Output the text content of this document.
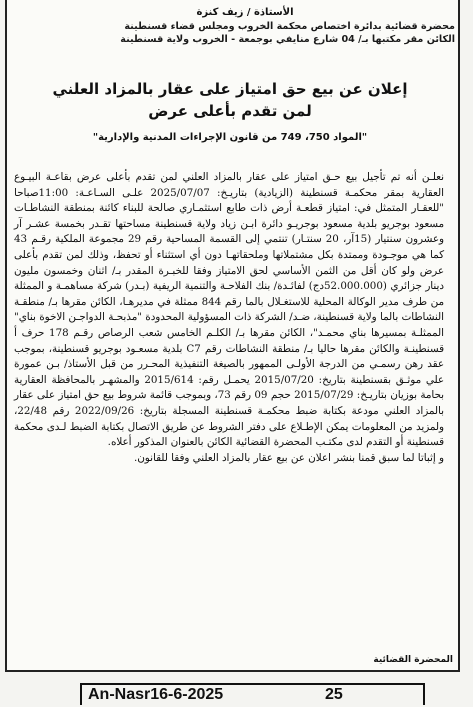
الأستاذة / زيف كنزة
محضرة قضائية بدائرة اختصاص محكمة الخروب ومجلس قضاء قسنطينة
الكائن مقر مكتبها بـ/ 04 شارع منايفي بوجمعة - الخروب ولاية قسنطينة
إعلان عن بيع حق امتياز على عقار بالمزاد العلني
لمن تقدم بأعلى عرض
"المواد 750، 749 من قانون الإجراءات المدنية والإدارية"

نعلـن أنه تم تأجيل بيع حـق امتياز على عقار بالمزاد العلني لمن تقدم بأعلى عرض بقاعـة البيـوع العقارية بمقر محكمـة قسنطينة (الزيادية) بتاريـخ: 2025/07/07 علـى السـاعـة: 11:00صباحا "للعقـار المتمثل في: امتياز قطعـة أرض ذات طابع استثمـاري صالحة للبناء كائنة بمنطقة النشاطـات مسعود بوجريو بلدية مسعود بوجريـو دائرة ابـن زياد ولاية قسنطينة مساحتها تقـدر بخمسة عشـر آر وعشرون سنتيار (15آر، 20 سنتـار) تنتمي إلى القسمة المساحية رقم 29 مجموعة الملكية رقـم 43 كما هي موجـودة وممتدة بكل مشتملاتها وملحقاتهـا دون أي استثناء أو تحفظ، وذلك لمن تقدم بأعلى عرض ولو كان أقل من الثمن الأساسي لحق الامتياز وفقا للخبـرة المقدر بـ/ اثنان وخمسون مليون دينار جزائري (52.000.000دج) لفائـدة/ بنك الفلاحـة والتنمية الريفية (بـدر) شركة مساهمـة و الممثلة من طرف مدير الوكالة المحلية للاستغـلال بالما رقم 844 ممثلة في مديرهـا، الكائن مقرها بـ/ منطقـة النشاطات بالما ولاية قسنطينة، ضـد/ الشركة ذات المسؤولية المحدودة "مذبحـة الدواجـن الاخوة بناي" الممثلـة بمسيرها بناي محمـد"، الكائن مقرها بـ/ الكلـم الخامس شعب الرصاص رقـم 178 حرف أ قسنطينـة والكائن مقرها حاليا بـ/ منطقة النشاطات رقم C7 بلدية مسعـود بوجريو قسنطينة، بموجب عقد رهن رسمـي من الدرجة الأولـى الممهور بالصيغة التنفيذية المحـرر من قبل الأستاذ/ بـن عمورة علي موثـق بقسنطينة بتاريخ: 2015/07/20 يحمـل رقم: 2015/614 والمشهـر بالمحافظة العقارية بحامة بوزيان بتاريـخ: 2015/07/29 حجم 09 رقم 73، وبموجب قائمة شروط بيع حق امتياز على عقار بالمزاد العلني مودعة بكتابة ضبط محكمـة قسنطينة المسجلة بتاريخ: 2022/09/26 رقم 22/48، ولمزيد من المعلومات يمكن الإطـلاع على دفتر الشروط عن طريق الاتصال بكتابة الضبط لـدى محكمة قسنطينة أو التقدم لدى مكتـب المحضرة القضائية الكائن بالعنوان المذكور أعلاه.

و إثباتا لما سبق قمنا بنشر اعلان عن بيع عقار بالمزاد العلني وفقا للقانون.

المحضرة القضائية
An-Nasr16-6-2025	25
